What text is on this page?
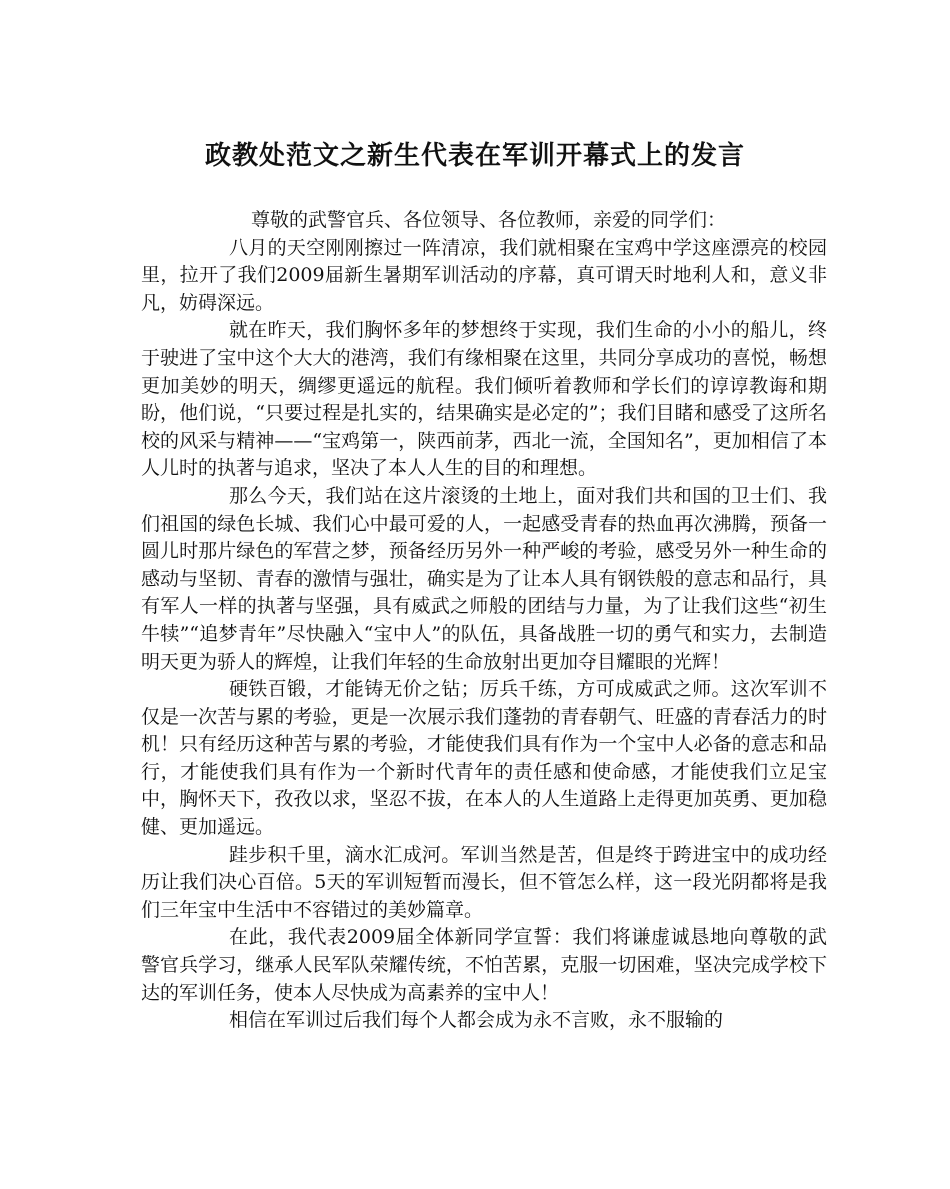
政教处范文之新生代表在军训开幕式上的发言

尊敬的武警官兵、各位领导、各位教师，亲爱的同学们：

八月的天空刚刚擦过一阵清凉，我们就相聚在宝鸡中学这座漂亮的校园里，拉开了我们2009届新生暑期军训活动的序幕，真可谓天时地利人和，意义非凡，妨碍深远。

就在昨天，我们胸怀多年的梦想终于实现，我们生命的小小的船儿，终于驶进了宝中这个大大的港湾，我们有缘相聚在这里，共同分享成功的喜悦，畅想更加美妙的明天，绸缪更遥远的航程。我们倾听着教师和学长们的谆谆教诲和期盼，他们说，“只要过程是扎实的，结果确实是必定的”；我们目睹和感受了这所名校的风采与精神——“宝鸡第一，陕西前茅，西北一流，全国知名”，更加相信了本人儿时的执著与追求，坚决了本人人生的目的和理想。

那么今天，我们站在这片滚烫的土地上，面对我们共和国的卫士们、我们祖国的绿色长城、我们心中最可爱的人，一起感受青春的热血再次沸腾，预备一圆儿时那片绿色的军营之梦，预备经历另外一种严峻的考验，感受另外一种生命的感动与坚韧、青春的激情与强壮，确实是为了让本人具有钢铁般的意志和品行，具有军人一样的执著与坚强，具有威武之师般的团结与力量，为了让我们这些“初生牛犊”“追梦青年”尽快融入“宝中人”的队伍，具备战胜一切的勇气和实力，去制造明天更为骄人的辉煌，让我们年轻的生命放射出更加夺目耀眼的光辉！

硬铁百锻，才能铸无价之钻；厉兵千练，方可成威武之师。这次军训不仅是一次苦与累的考验，更是一次展示我们蓬勃的青春朝气、旺盛的青春活力的时机！只有经历这种苦与累的考验，才能使我们具有作为一个宝中人必备的意志和品行，才能使我们具有作为一个新时代青年的责任感和使命感，才能使我们立足宝中，胸怀天下，孜孜以求，坚忍不拔，在本人的人生道路上走得更加英勇、更加稳健、更加遥远。

跬步积千里，滴水汇成河。军训当然是苦，但是终于跨进宝中的成功经历让我们决心百倍。5天的军训短暂而漫长，但不管怎么样，这一段光阴都将是我们三年宝中生活中不容错过的美妙篇章。

在此，我代表2009届全体新同学宣誓：我们将谦虚诚恳地向尊敬的武警官兵学习，继承人民军队荣耀传统，不怕苦累，克服一切困难，坚决完成学校下达的军训任务，使本人尽快成为高素养的宝中人！

相信在军训过后我们每个人都会成为永不言败，永不服输的
